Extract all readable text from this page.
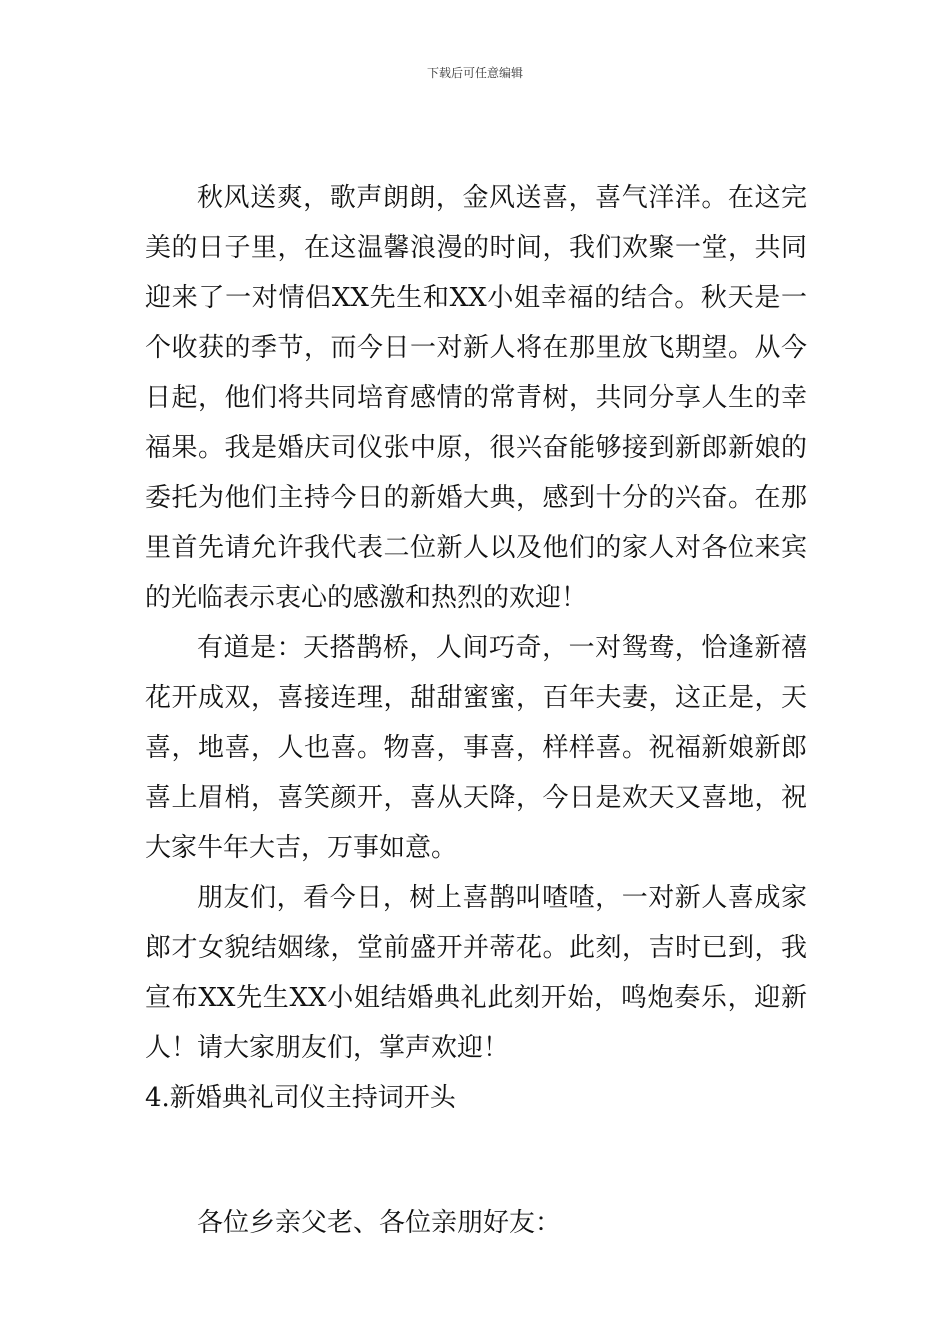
下载后可任意编辑

秋风送爽，歌声朗朗，金风送喜，喜气洋洋。在这完美的日子里，在这温馨浪漫的时间，我们欢聚一堂，共同迎来了一对情侣XX先生和XX小姐幸福的结合。秋天是一个收获的季节，而今日一对新人将在那里放飞期望。从今日起，他们将共同培育感情的常青树，共同分享人生的幸福果。我是婚庆司仪张中原，很兴奋能够接到新郎新娘的委托为他们主持今日的新婚大典，感到十分的兴奋。在那里首先请允许我代表二位新人以及他们的家人对各位来宾的光临表示衷心的感激和热烈的欢迎！

有道是：天搭鹊桥，人间巧奇，一对鸳鸯，恰逢新禧花开成双，喜接连理，甜甜蜜蜜，百年夫妻，这正是，天喜，地喜，人也喜。物喜，事喜，样样喜。祝福新娘新郎喜上眉梢，喜笑颜开，喜从天降，今日是欢天又喜地，祝大家牛年大吉，万事如意。

朋友们，看今日，树上喜鹊叫喳喳，一对新人喜成家郎才女貌结姻缘，堂前盛开并蒂花。此刻，吉时已到，我宣布XX先生XX小姐结婚典礼此刻开始，鸣炮奏乐，迎新人！请大家朋友们，掌声欢迎！

4.新婚典礼司仪主持词开头

各位乡亲父老、各位亲朋好友：
